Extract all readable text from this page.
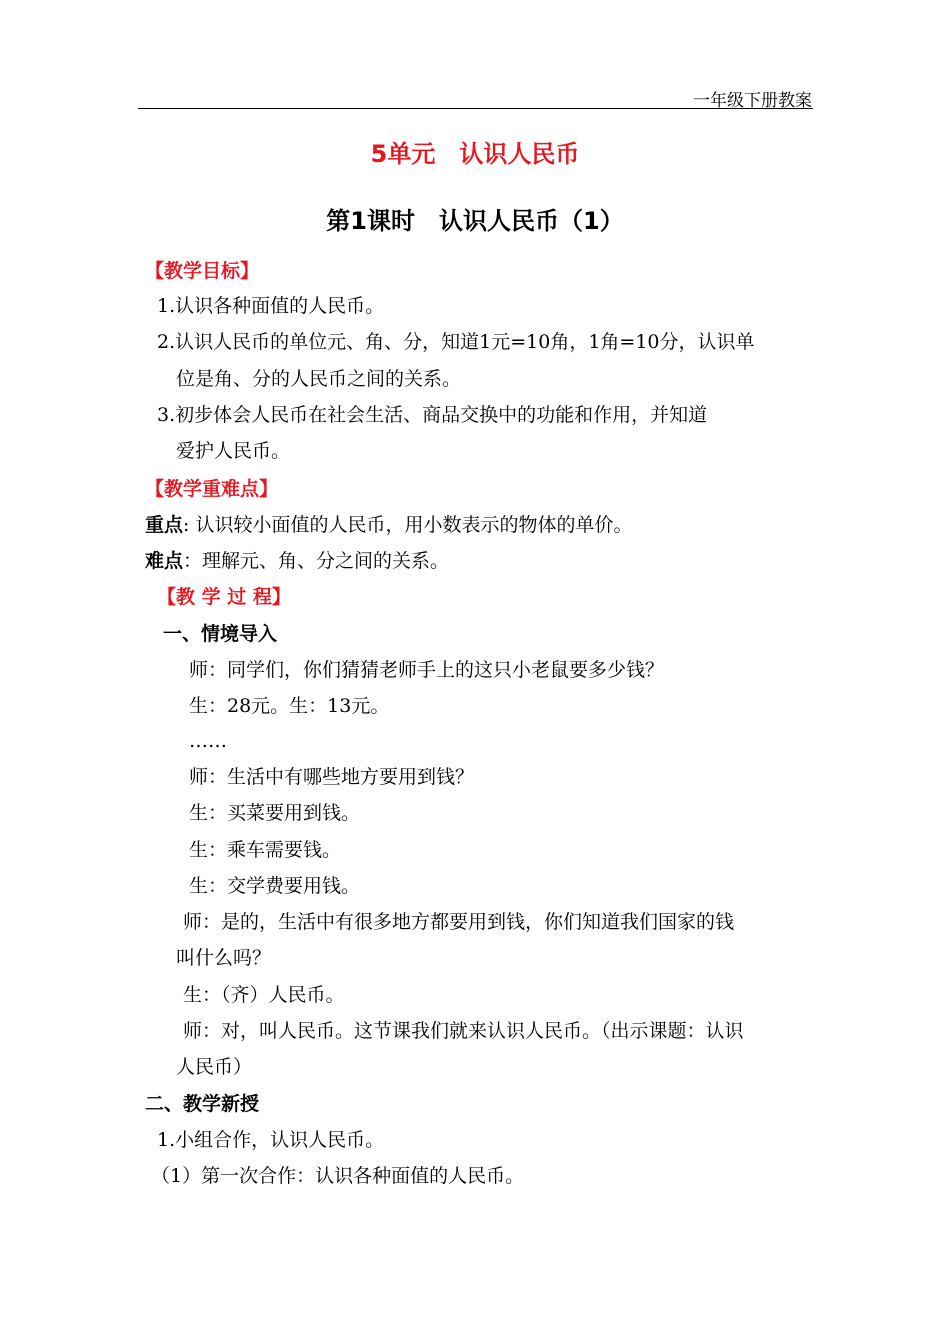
一年级下册教案
5单元　认识人民币
第1课时　认识人民币（1）
【教学目标】
1.认识各种面值的人民币。
2.认识人民币的单位元、角、分，知道1元=10角，1角=10分，认识单
位是角、分的人民币之间的关系。
3.初步体会人民币在社会生活、商品交换中的功能和作用，并知道
爱护人民币。
【教学重难点】
重点: 认识较小面值的人民币，用小数表示的物体的单价。
难点：理解元、角、分之间的关系。
【教 学 过 程】
一、情境导入
师：同学们，你们猜猜老师手上的这只小老鼠要多少钱？
生：28元。生：13元。
……
师：生活中有哪些地方要用到钱？
生：买菜要用到钱。
生：乘车需要钱。
生：交学费要用钱。
师：是的，生活中有很多地方都要用到钱，你们知道我们国家的钱
叫什么吗？
生：（齐）人民币。
师：对，叫人民币。这节课我们就来认识人民币。（出示课题：认识
人民币）
二、教学新授
1.小组合作，认识人民币。
（1）第一次合作：认识各种面值的人民币。
